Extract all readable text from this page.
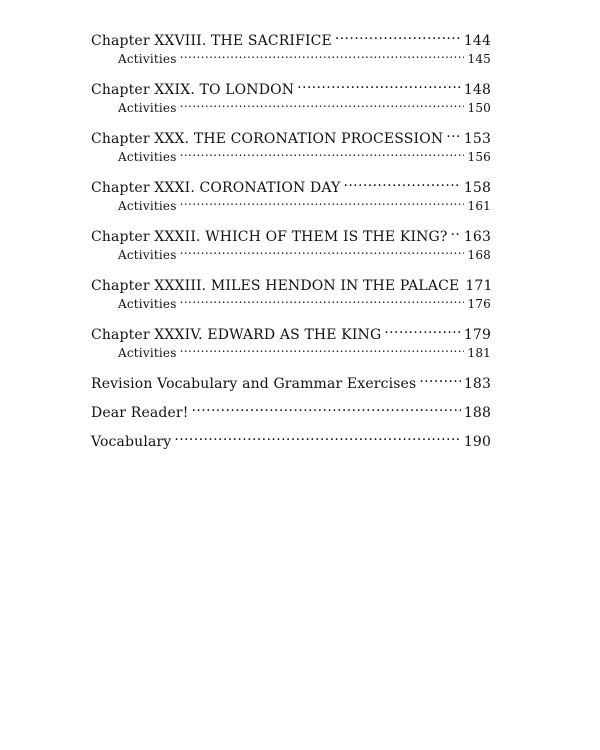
Chapter XXVIII. THE SACRIFICE .....	144
Activities .....	145
Chapter XXIX. TO LONDON .....	148
Activities .....	150
Chapter XXX. THE CORONATION PROCESSION ..... 153
Activities .....	156
Chapter XXXI. CORONATION DAY .....	158
Activities .....	161
Chapter XXXII. WHICH OF THEM IS THE KING? ..... 163
Activities .....	168
Chapter XXXIII. MILES HENDON IN THE PALACE 171
Activities .....	176
Chapter XXXIV. EDWARD AS THE KING .....	179
Activities .....	181
Revision Vocabulary and Grammar Exercises .....	183
Dear Reader! .....	188
Vocabulary .....	190
